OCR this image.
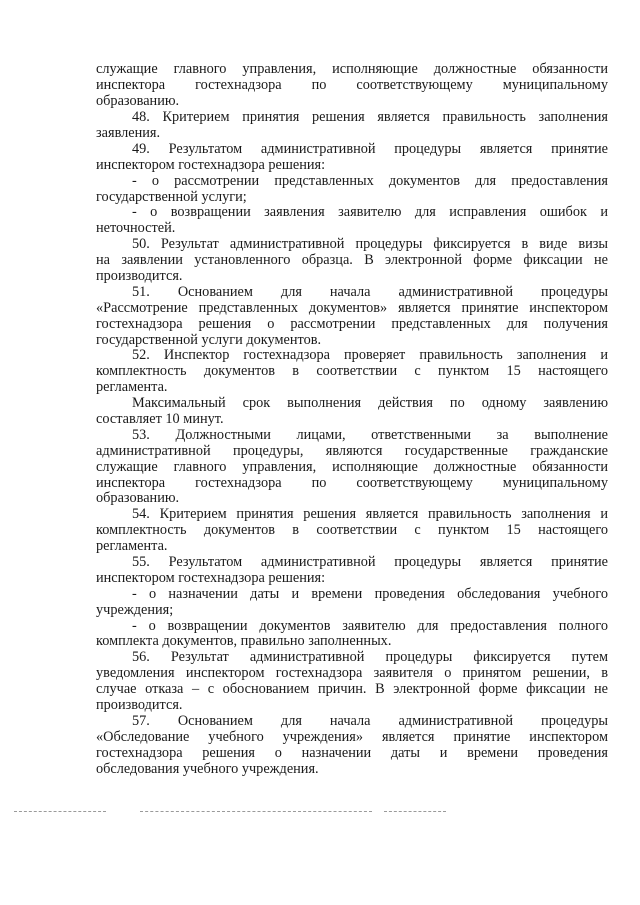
служащие главного управления, исполняющие должностные обязанности
инспектора гостехнадзора по соответствующему муниципальному
образованию.
48. Критерием принятия решения является правильность заполнения
заявления.
49. Результатом административной процедуры является принятие
инспектором гостехнадзора решения:
- о рассмотрении представленных документов для предоставления
государственной услуги;
- о возвращении заявления заявителю для исправления ошибок и
неточностей.
50. Результат административной процедуры фиксируется в виде визы
на заявлении установленного образца. В электронной форме фиксации не
производится.
51. Основанием для начала административной процедуры
«Рассмотрение представленных документов» является принятие инспектором
гостехнадзора решения о рассмотрении представленных для получения
государственной услуги документов.
52. Инспектор гостехнадзора проверяет правильность заполнения и
комплектность документов в соответствии с пунктом 15 настоящего
регламента.
Максимальный срок выполнения действия по одному заявлению
составляет 10 минут.
53. Должностными лицами, ответственными за выполнение
административной процедуры, являются государственные гражданские
служащие главного управления, исполняющие должностные обязанности
инспектора гостехнадзора по соответствующему муниципальному
образованию.
54. Критерием принятия решения является правильность заполнения и
комплектность документов в соответствии с пунктом 15 настоящего
регламента.
55. Результатом административной процедуры является принятие
инспектором гостехнадзора решения:
- о назначении даты и времени проведения обследования учебного
учреждения;
- о возвращении документов заявителю для предоставления полного
комплекта документов, правильно заполненных.
56. Результат административной процедуры фиксируется путем
уведомления инспектором гостехнадзора заявителя о принятом решении, в
случае отказа – с обоснованием причин. В электронной форме фиксации не
производится.
57. Основанием для начала административной процедуры
«Обследование учебного учреждения» является принятие инспектором
гостехнадзора решения о назначении даты и времени проведения
обследования учебного учреждения.
